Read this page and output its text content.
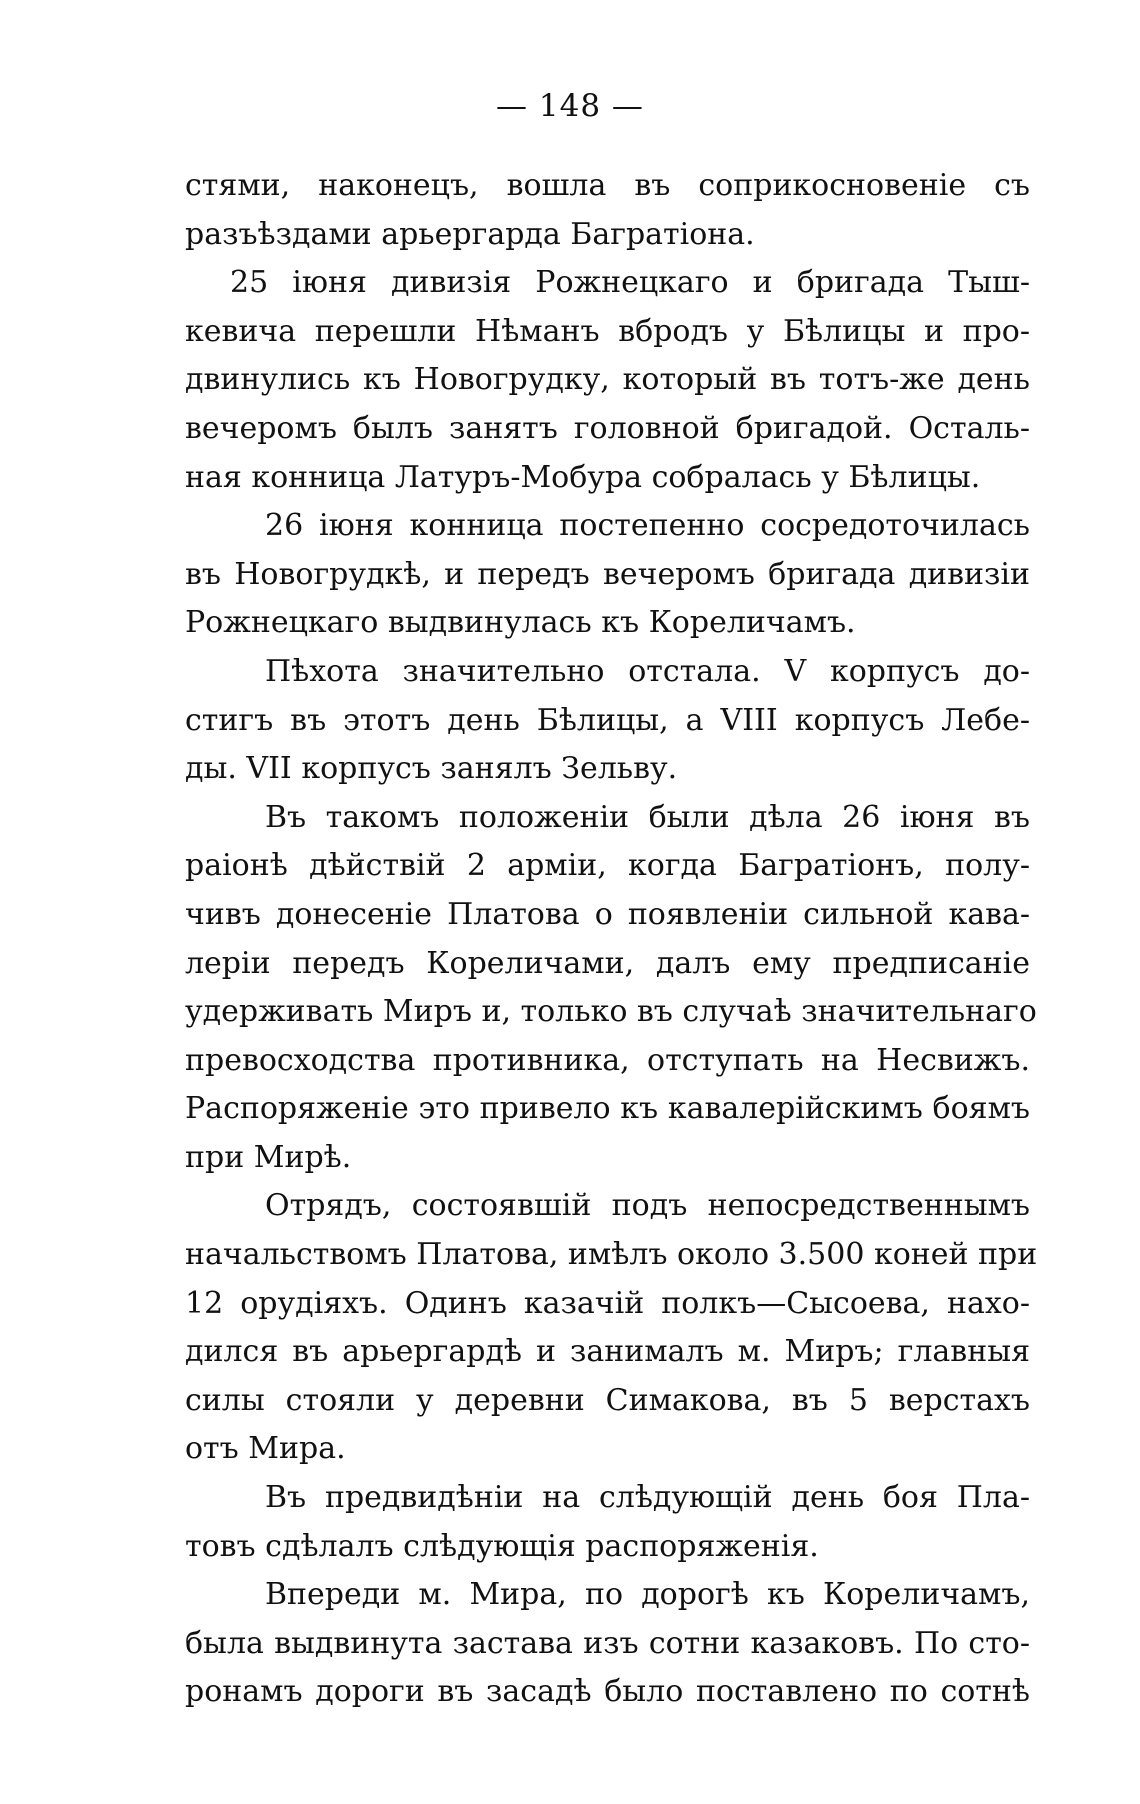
— 148 —
стями, наконецъ, вошла въ соприкосновенiе съ
разъѣздами арьергарда Багратiона.
25 iюня дивизiя Рожнецкаго и бригада Тыш-
кевича перешли Нѣманъ вбродъ у Бѣлицы и про-
двинулись къ Новогрудку, который въ тотъ-же день
вечеромъ былъ занятъ головной бригадой. Осталь-
ная конница Латуръ-Мобура собралась у Бѣлицы.
26 iюня конница постепенно сосредоточилась
въ Новогрудкѣ, и передъ вечеромъ бригада дивизiи
Рожнецкаго выдвинулась къ Кореличамъ.
Пѣхота значительно отстала. V корпусъ до-
стигъ въ этотъ день Бѣлицы, а VIII корпусъ Лебе-
ды. VII корпусъ занялъ Зельву.
Въ такомъ положенiи были дѣла 26 iюня въ
раiонѣ дѣйствiй 2 армiи, когда Багратiонъ, полу-
чивъ донесенiе Платова о появленiи сильной кава-
лерiи передъ Кореличами, далъ ему предписанiе
удерживать Миръ и, только въ случаѣ значительнаго
превосходства противника, отступать на Несвижъ.
Распоряженiе это привело къ кавалерiйскимъ боямъ
при Мирѣ.
Отрядъ, состоявшiй подъ непосредственнымъ
начальствомъ Платова, имѣлъ около 3.500 коней при
12 орудiяхъ. Одинъ казачiй полкъ—Сысоева, нахо-
дился въ арьергардѣ и занималъ м. Миръ; главныя
силы стояли у деревни Симакова, въ 5 верстахъ
отъ Мира.
Въ предвидѣнiи на слѣдующiй день боя Пла-
товъ сдѣлалъ слѣдующiя распоряженiя.
Впереди м. Мира, по дорогѣ къ Кореличамъ,
была выдвинута застава изъ сотни казаковъ. По сто-
ронамъ дороги въ засадѣ было поставлено по сотнѣ
